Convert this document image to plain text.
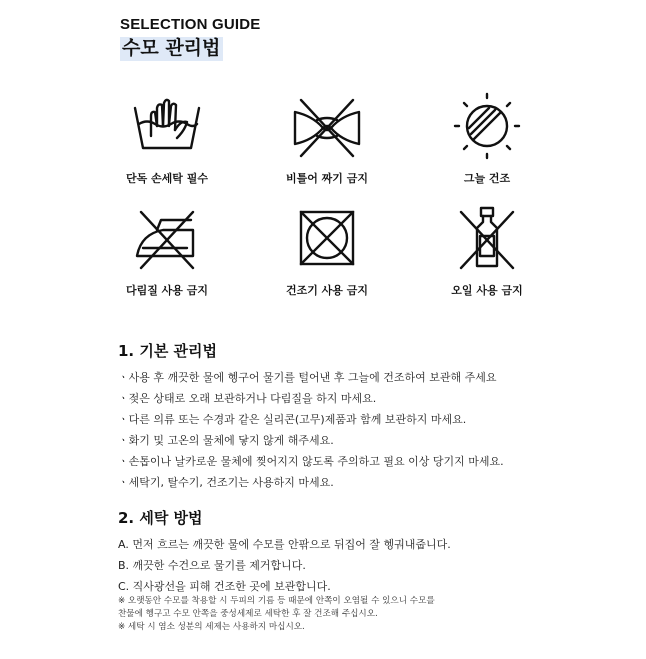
SELECTION GUIDE

수모 관리법
단독 손세탁 필수	비틀어 짜기 금지	그늘 건조
다림질 사용 금지	건조기 사용 금지	오일 사용 금지
1. 기본 관리법
ㆍ사용 후 깨끗한 물에 헹구어 물기를 털어낸 후 그늘에 건조하여 보관해 주세요
ㆍ젖은 상태로 오래 보관하거나 다림질을 하지 마세요.
ㆍ다른 의류 또는 수경과 같은 실리콘(고무)제품과 함께 보관하지 마세요.
ㆍ화기 및 고온의 물체에 닿지 않게 해주세요.
ㆍ손톱이나 날카로운 물체에 찢어지지 않도록 주의하고 필요 이상 당기지 마세요.
ㆍ세탁기, 탈수기, 건조기는 사용하지 마세요.
2. 세탁 방법
A. 먼저 흐르는 깨끗한 물에 수모를 안팎으로 뒤집어 잘 헹궈내줍니다.
B. 깨끗한 수건으로 물기를 제거합니다.
C. 직사광선을 피해 건조한 곳에 보관합니다.

※ 오랫동안 수모를 착용할 시 두피의 기름 등 때문에 안쪽이 오염될 수 있으니 수모를

찬물에 헹구고 수모 안쪽을 중성세제로 세탁한 후 잘 건조해 주십시오.

※ 세탁 시 염소 성분의 세제는 사용하지 마십시오.
